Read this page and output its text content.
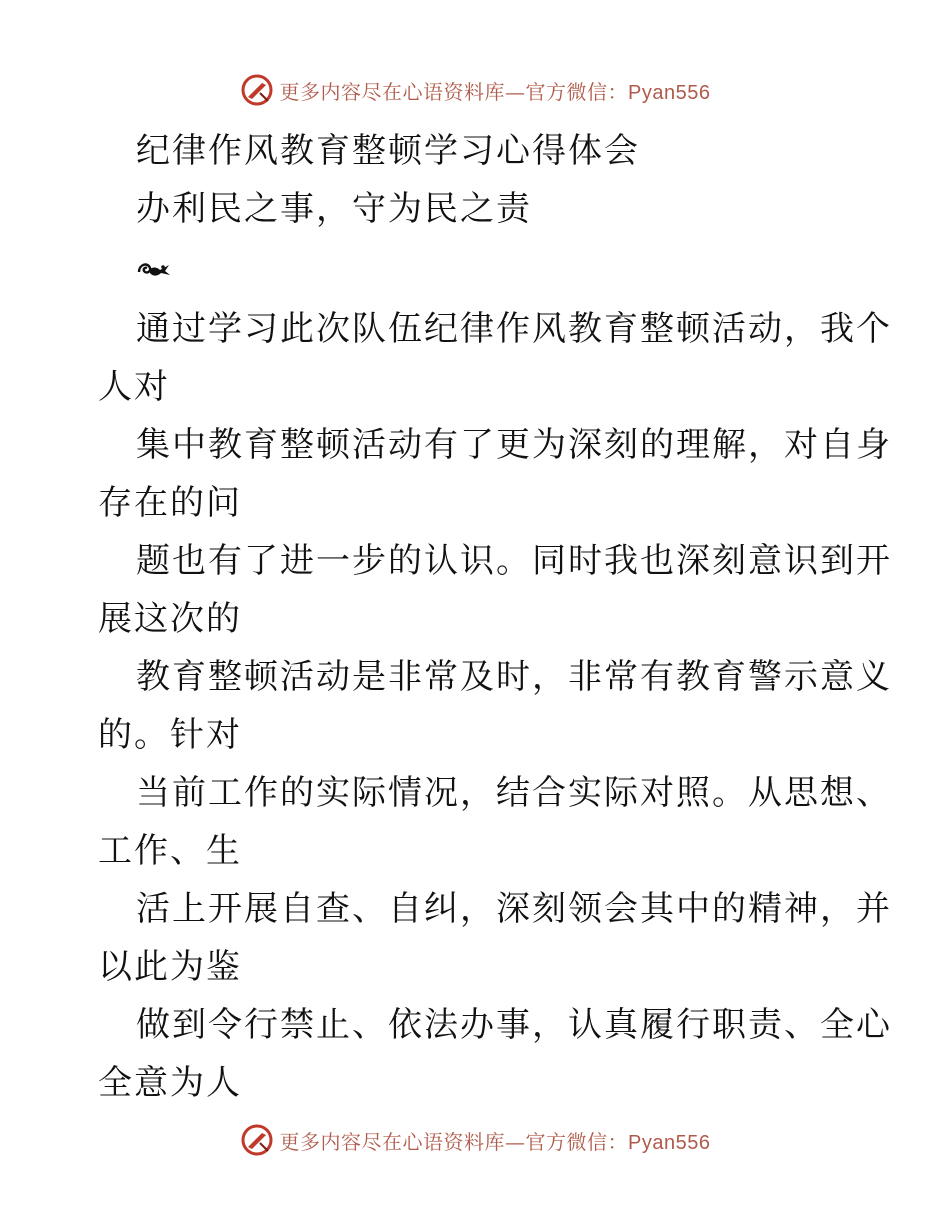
更多内容尽在心语资料库—官方微信：Pyan556
纪律作风教育整顿学习心得体会
办利民之事，守为民之责
通过学习此次队伍纪律作风教育整顿活动，我个
人对
集中教育整顿活动有了更为深刻的理解，对自身
存在的问
题也有了进一步的认识。同时我也深刻意识到开
展这次的
教育整顿活动是非常及时，非常有教育警示意义
的。针对
当前工作的实际情况，结合实际对照。从思想、
工作、生
活上开展自查、自纠，深刻领会其中的精神，并
以此为鉴
做到令行禁止、依法办事，认真履行职责、全心
全意为人
更多内容尽在心语资料库—官方微信：Pyan556
